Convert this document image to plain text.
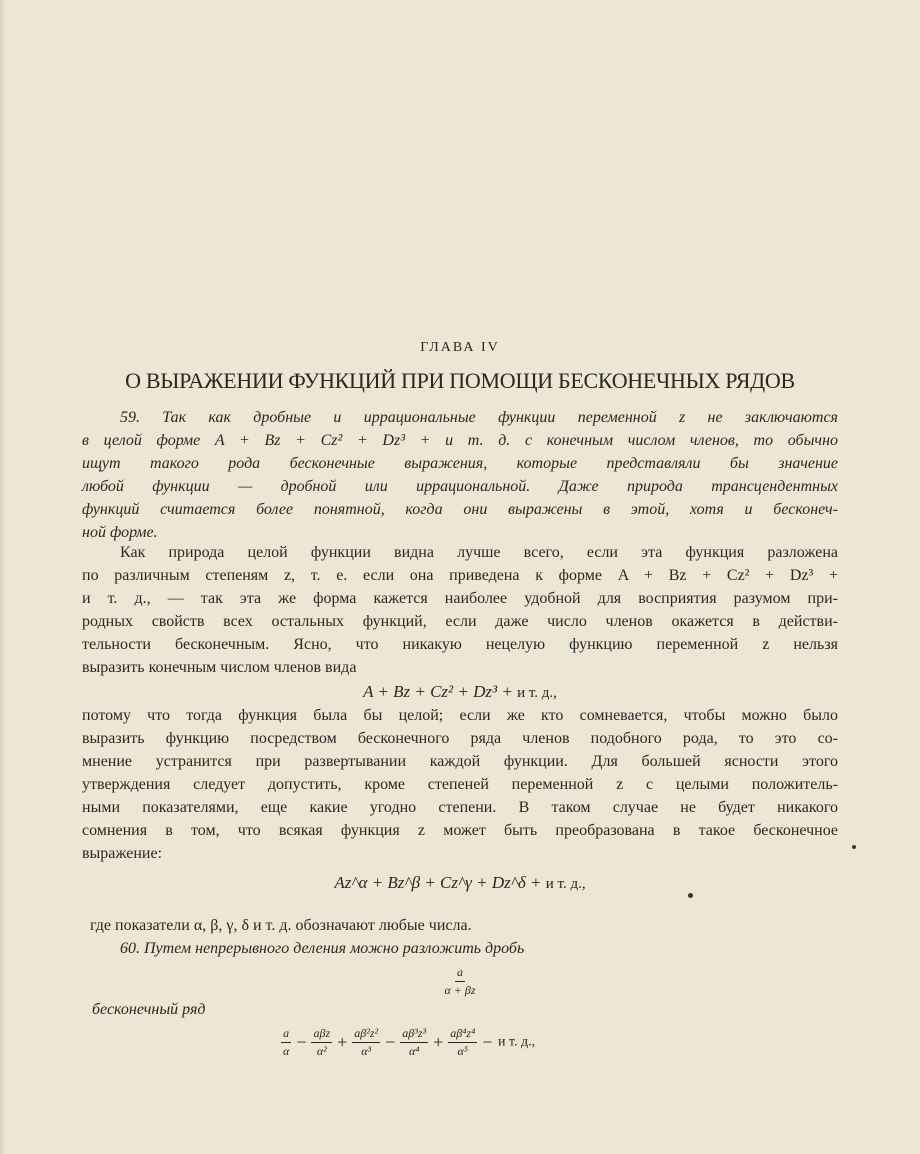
ГЛАВА IV
О ВЫРАЖЕНИИ ФУНКЦИЙ ПРИ ПОМОЩИ БЕСКОНЕЧНЫХ РЯДОВ
59. Так как дробные и иррациональные функции переменной z не заключаются
в целой форме A + Bz + Cz² + Dz³ + и т. д. с конечным числом членов, то обычно
ищут такого рода бесконечные выражения, которые представляли бы значение
любой функции — дробной или иррациональной. Даже природа трансцендентных
функций считается более понятной, когда они выражены в этой, хотя и бесконеч-
ной форме.
Как природа целой функции видна лучше всего, если эта функция разложена
по различным степеням z, т. е. если она приведена к форме A + Bz + Cz² + Dz³ +
и т. д., — так эта же форма кажется наиболее удобной для восприятия разумом при-
родных свойств всех остальных функций, если даже число членов окажется в действи-
тельности бесконечным. Ясно, что никакую нецелую функцию переменной z нельзя
выразить конечным числом членов вида
A + Bz + Cz² + Dz³ + и т. д.,
потому что тогда функция была бы целой; если же кто сомневается, чтобы можно было
выразить функцию посредством бесконечного ряда членов подобного рода, то это со-
мнение устранится при развертывании каждой функции. Для большей ясности этого
утверждения следует допустить, кроме степеней переменной z с целыми положитель-
ными показателями, еще какие угодно степени. В таком случае не будет никакого
сомнения в том, что всякая функция z может быть преобразована в такое бесконечное
выражение:
Az^α + Bz^β + Cz^γ + Dz^δ + и т. д.,
где показатели α, β, γ, δ и т. д. обозначают любые числа.
60. Путем непрерывного деления можно разложить дробь
$\frac{a}{\alpha + \beta z}$
бесконечный ряд
$\frac{a}{\alpha} - \frac{\text{aβz}}{\text{α²}} + \frac{\text{aβ²z²}}{\text{α³}} - \frac{\text{aβ³z³}}{\text{α⁴}} + \frac{\text{aβ⁴z⁴}}{\text{α⁵}} - и$ т. д.,
